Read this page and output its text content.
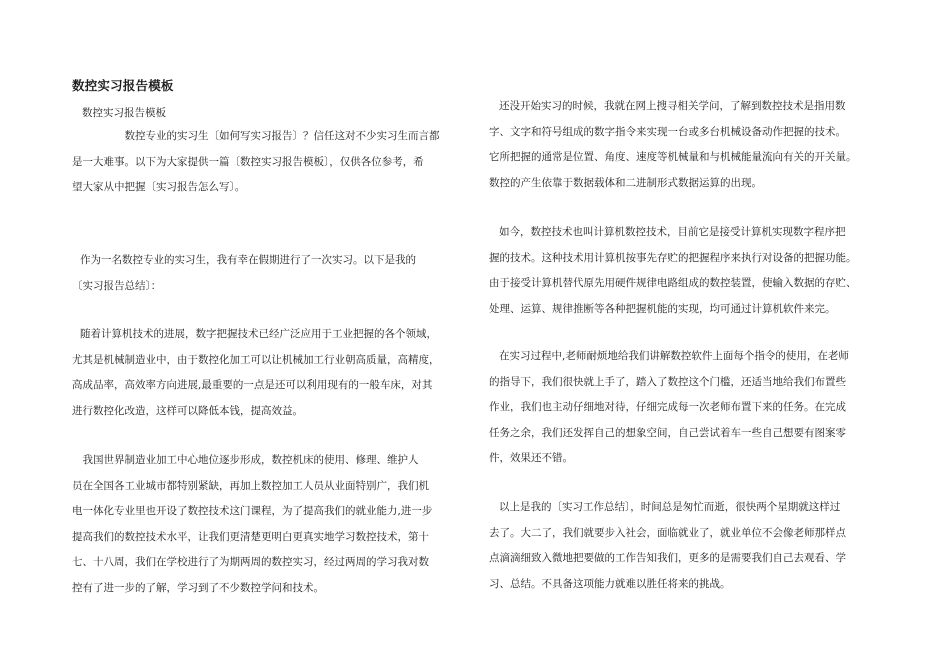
数控实习报告模板
数控实习报告模板
　　　　　数控专业的实习生〔如何写实习报告〕？信任这对不少实习生而言都
是一大难事。以下为大家提供一篇〔数控实习报告模板〕，仅供各位参考，希
望大家从中把握〔实习报告怎么写〕。
作为一名数控专业的实习生，我有幸在假期进行了一次实习。以下是我的
〔实习报告总结〕：
随着计算机技术的进展，数字把握技术已经广泛应用于工业把握的各个领域，
尤其是机械制造业中，由于数控化加工可以让机械加工行业朝高质量，高精度，
高成品率，高效率方向进展,最重要的一点是还可以利用现有的一般车床，对其
进行数控化改造，这样可以降低本钱，提高效益。
　我国世界制造业加工中心地位逐步形成，数控机床的使用、修理、维护人
员在全国各工业城市都特别紧缺，再加上数控加工人员从业面特别广，我们机
电一体化专业里也开设了数控技术这门课程，为了提高我们的就业能力,进一步
提高我们的数控技术水平，让我们更清楚更明白更真实地学习数控技术，第十
七、十八周，我们在学校进行了为期两周的数控实习，经过两周的学习我对数
控有了进一步的了解，学习到了不少数控学问和技术。
还没开始实习的时候，我就在网上搜寻相关学问，了解到数控技术是指用数
字、文字和符号组成的数字指令来实现一台或多台机械设备动作把握的技术。
它所把握的通常是位置、角度、速度等机械量和与机械能量流向有关的开关量。
数控的产生依靠于数据载体和二进制形式数据运算的出现。
如今，数控技术也叫计算机数控技术，目前它是接受计算机实现数字程序把
握的技术。这种技术用计算机按事先存贮的把握程序来执行对设备的把握功能。
由于接受计算机替代原先用硬件规律电路组成的数控装置，使输入数据的存贮、
处理、运算、规律推断等各种把握机能的实现，均可通过计算机软件来完。
在实习过程中,老师耐烦地给我们讲解数控软件上面每个指令的使用，在老师
的指导下，我们很快就上手了，踏入了数控这个门槛，还适当地给我们布置些
作业，我们也主动仔细地对待，仔细完成每一次老师布置下来的任务。在完成
任务之余，我们还发挥自己的想象空间，自己尝试着车一些自己想要有图案零
件，效果还不错。
以上是我的〔实习工作总结〕，时间总是匆忙而逝，很快两个星期就这样过
去了。大二了，我们就要步入社会，面临就业了，就业单位不会像老师那样点
点滴滴细致入微地把要做的工作告知我们，更多的是需要我们自己去观看、学
习、总结。不具备这项能力就难以胜任将来的挑战。
